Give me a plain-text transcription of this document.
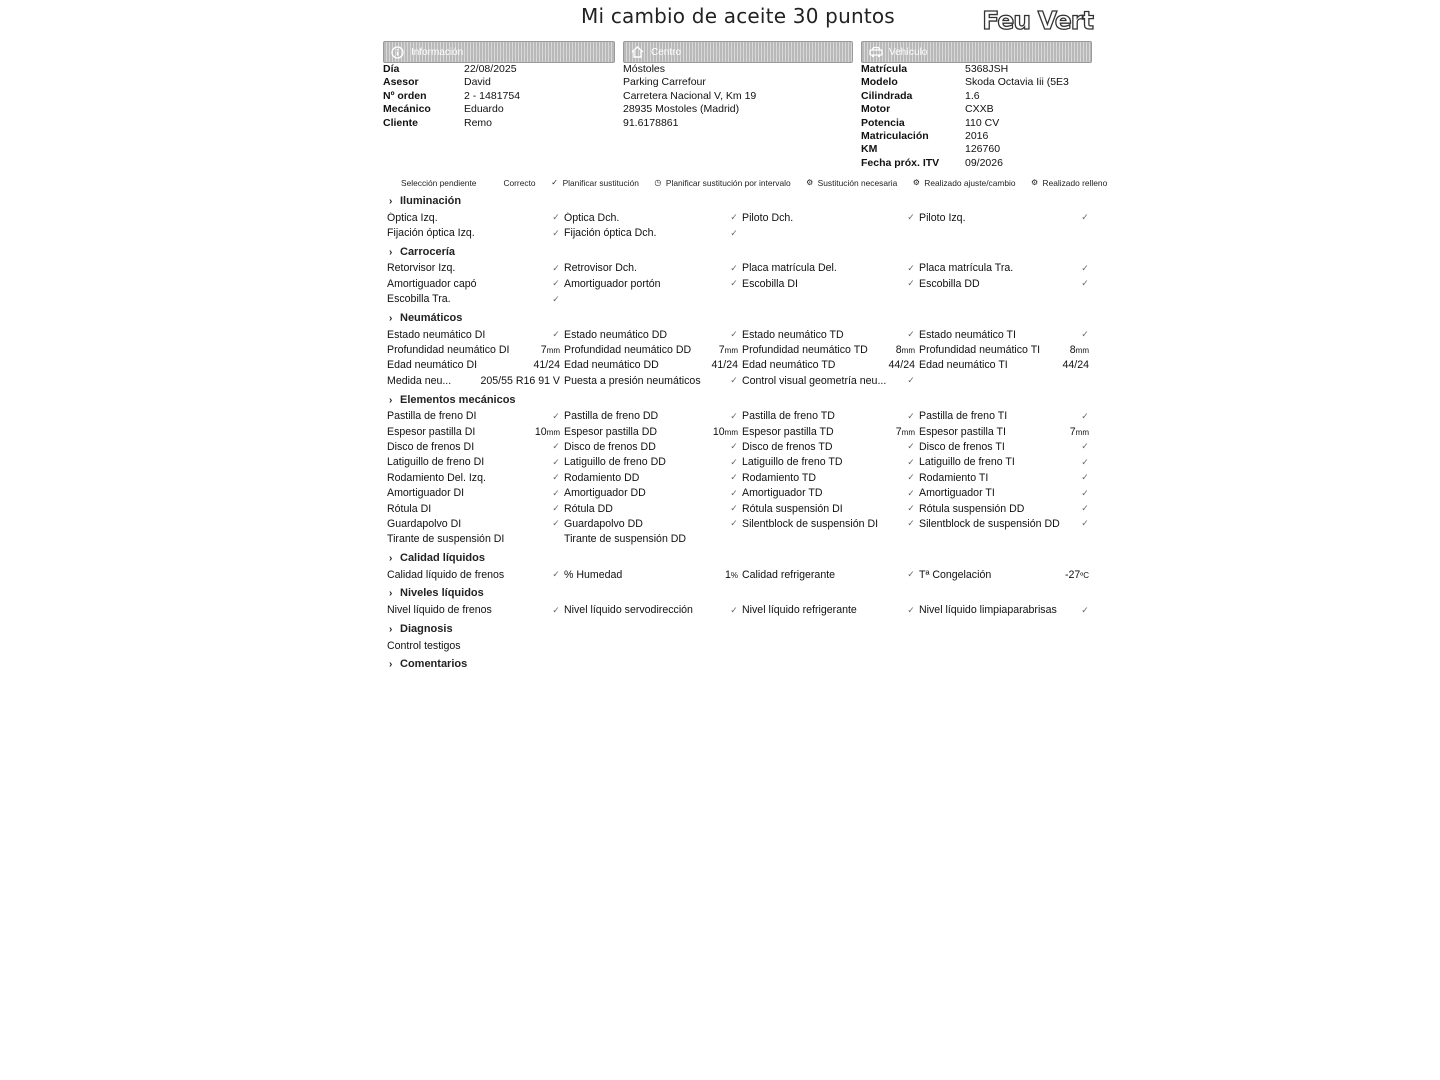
Mi cambio de aceite 30 puntos	Feu Vert
Información
Día	22/08/2025
Asesor	David
Nº orden	2 - 1481754
Mecánico	Eduardo
Cliente	Remo
Centro
Móstoles
Parking Carrefour
Carretera Nacional V, Km 19
28935 Mostoles (Madrid)
91.6178861
Vehículo
Matrícula	5368JSH
Modelo	Skoda Octavia Iii (5E3
Cilindrada	1.6
Motor	CXXB
Potencia	110 CV
Matriculación	2016
KM	126760
Fecha próx. ITV	09/2026
Selección pendiente	Correcto ✓ Planificar sustitución ◷ Planificar sustitución por intervalo ⚙ Sustitución necesaria ⚙ Realizado ajuste/cambio ⚙ Realizado relleno
› Iluminación
Óptica Izq.	✓ Óptica Dch.	✓ Piloto Dch.	✓ Piloto Izq.	✓
Fijación óptica Izq.	✓ Fijación óptica Dch.	✓
› Carrocería
Retorvisor Izq.	✓ Retrovisor Dch.	✓ Placa matrícula Del.	✓ Placa matrícula Tra.	✓
Amortiguador capó	✓ Amortiguador portón	✓ Escobilla DI	✓ Escobilla DD	✓
Escobilla Tra.	✓
› Neumáticos
Estado neumático DI	✓ Estado neumático DD	✓ Estado neumático TD	✓ Estado neumático TI	✓
Profundidad neumático DI	7mm Profundidad neumático DD	7mm Profundidad neumático TD	8mm Profundidad neumático TI	8mm
Edad neumático DI	41/24 Edad neumático DD	41/24 Edad neumático TD	44/24 Edad neumático TI	44/24
Medida neu...	205/55 R16 91 V Puesta a presión neumáticos	✓ Control visual geometría neu...	✓
› Elementos mecánicos
Pastilla de freno DI	✓ Pastilla de freno DD	✓ Pastilla de freno TD	✓ Pastilla de freno TI	✓
Espesor pastilla DI	10mm Espesor pastilla DD	10mm Espesor pastilla TD	7mm Espesor pastilla TI	7mm
Disco de frenos DI	✓ Disco de frenos DD	✓ Disco de frenos TD	✓ Disco de frenos TI	✓
Latiguillo de freno DI	✓ Latiguillo de freno DD	✓ Latiguillo de freno TD	✓ Latiguillo de freno TI	✓
Rodamiento Del. Izq.	✓ Rodamiento DD	✓ Rodamiento TD	✓ Rodamiento TI	✓
Amortiguador DI	✓ Amortiguador DD	✓ Amortiguador TD	✓ Amortiguador TI	✓
Rótula DI	✓ Rótula DD	✓ Rótula suspensión DI	✓ Rótula suspensión DD	✓
Guardapolvo DI	✓ Guardapolvo DD	✓ Silentblock de suspensión DI	✓ Silentblock de suspensión DD	✓
Tirante de suspensión DI	Tirante de suspensión DD
› Calidad líquidos
Calidad líquido de frenos	✓ % Humedad	1% Calidad refrigerante	✓ Tª Congelación	-27ºC
› Niveles líquidos
Nivel líquido de frenos	✓ Nivel líquido servodirección	✓ Nivel líquido refrigerante	✓ Nivel líquido limpiaparabrisas	✓
› Diagnosis
Control testigos
› Comentarios
